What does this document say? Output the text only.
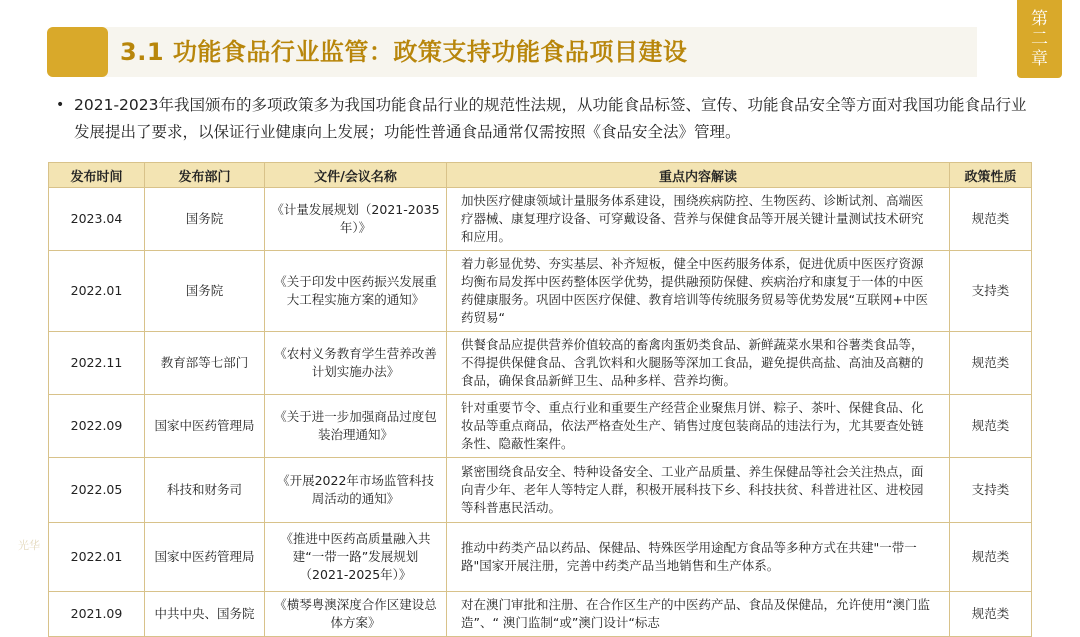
3.1 功能食品行业监管：政策支持功能食品项目建设
第
二
章
• 2021-2023年我国颁布的多项政策多为我国功能食品行业的规范性法规，从功能食品标签、宣传、功能食品安全等方面对我国功能食品行业发展提出了要求，以保证行业健康向上发展；功能性普通食品通常仅需按照《食品安全法》管理。
光华
发布时间	发布部门	文件/会议名称	重点内容解读	政策性质
2023.04	国务院	《计量发展规划（2021-2035年）》	加快医疗健康领域计量服务体系建设，围绕疾病防控、生物医药、诊断试剂、高端医疗器械、康复理疗设备、可穿戴设备、营养与保健食品等开展关键计量测试技术研究和应用。	规范类
2022.01	国务院	《关于印发中医药振兴发展重大工程实施方案的通知》	着力彰显优势、夯实基层、补齐短板，健全中医药服务体系，促进优质中医医疗资源均衡布局发挥中医药整体医学优势，提供融预防保健、疾病治疗和康复于一体的中医药健康服务。巩固中医医疗保健、教育培训等传统服务贸易等优势发展“互联网+中医药贸易“	支持类
2022.11	教育部等七部门	《农村义务教育学生营养改善计划实施办法》	供餐食品应提供营养价值较高的畜禽肉蛋奶类食品、新鲜蔬菜水果和谷薯类食品等，不得提供保健食品、含乳饮料和火腿肠等深加工食品，避免提供高盐、高油及高糖的食品，确保食品新鲜卫生、品种多样、营养均衡。	规范类
2022.09	国家中医药管理局	《关于进一步加强商品过度包装治理通知》	针对重要节令、重点行业和重要生产经营企业聚焦月饼、粽子、茶叶、保健食品、化妆品等重点商品，依法严格查处生产、销售过度包装商品的违法行为，尤其要查处链条性、隐蔽性案件。	规范类
2022.05	科技和财务司	《开展2022年市场监管科技周活动的通知》	紧密围绕食品安全、特种设备安全、工业产品质量、养生保健品等社会关注热点，面向青少年、老年人等特定人群，积极开展科技下乡、科技扶贫、科普进社区、进校园等科普惠民活动。	支持类
2022.01	国家中医药管理局	《推进中医药高质量融入共建“一带一路”发展规划（2021-2025年）》	推动中药类产品以药品、保健品、特殊医学用途配方食品等多种方式在共建"一带一路"国家开展注册，完善中药类产品当地销售和生产体系。	规范类
2021.09	中共中央、国务院	《横琴粤澳深度合作区建设总体方案》	对在澳门审批和注册、在合作区生产的中医药产品、食品及保健品，允许使用“澳门监造”、“ 澳门监制“或”澳门设计“标志	规范类
